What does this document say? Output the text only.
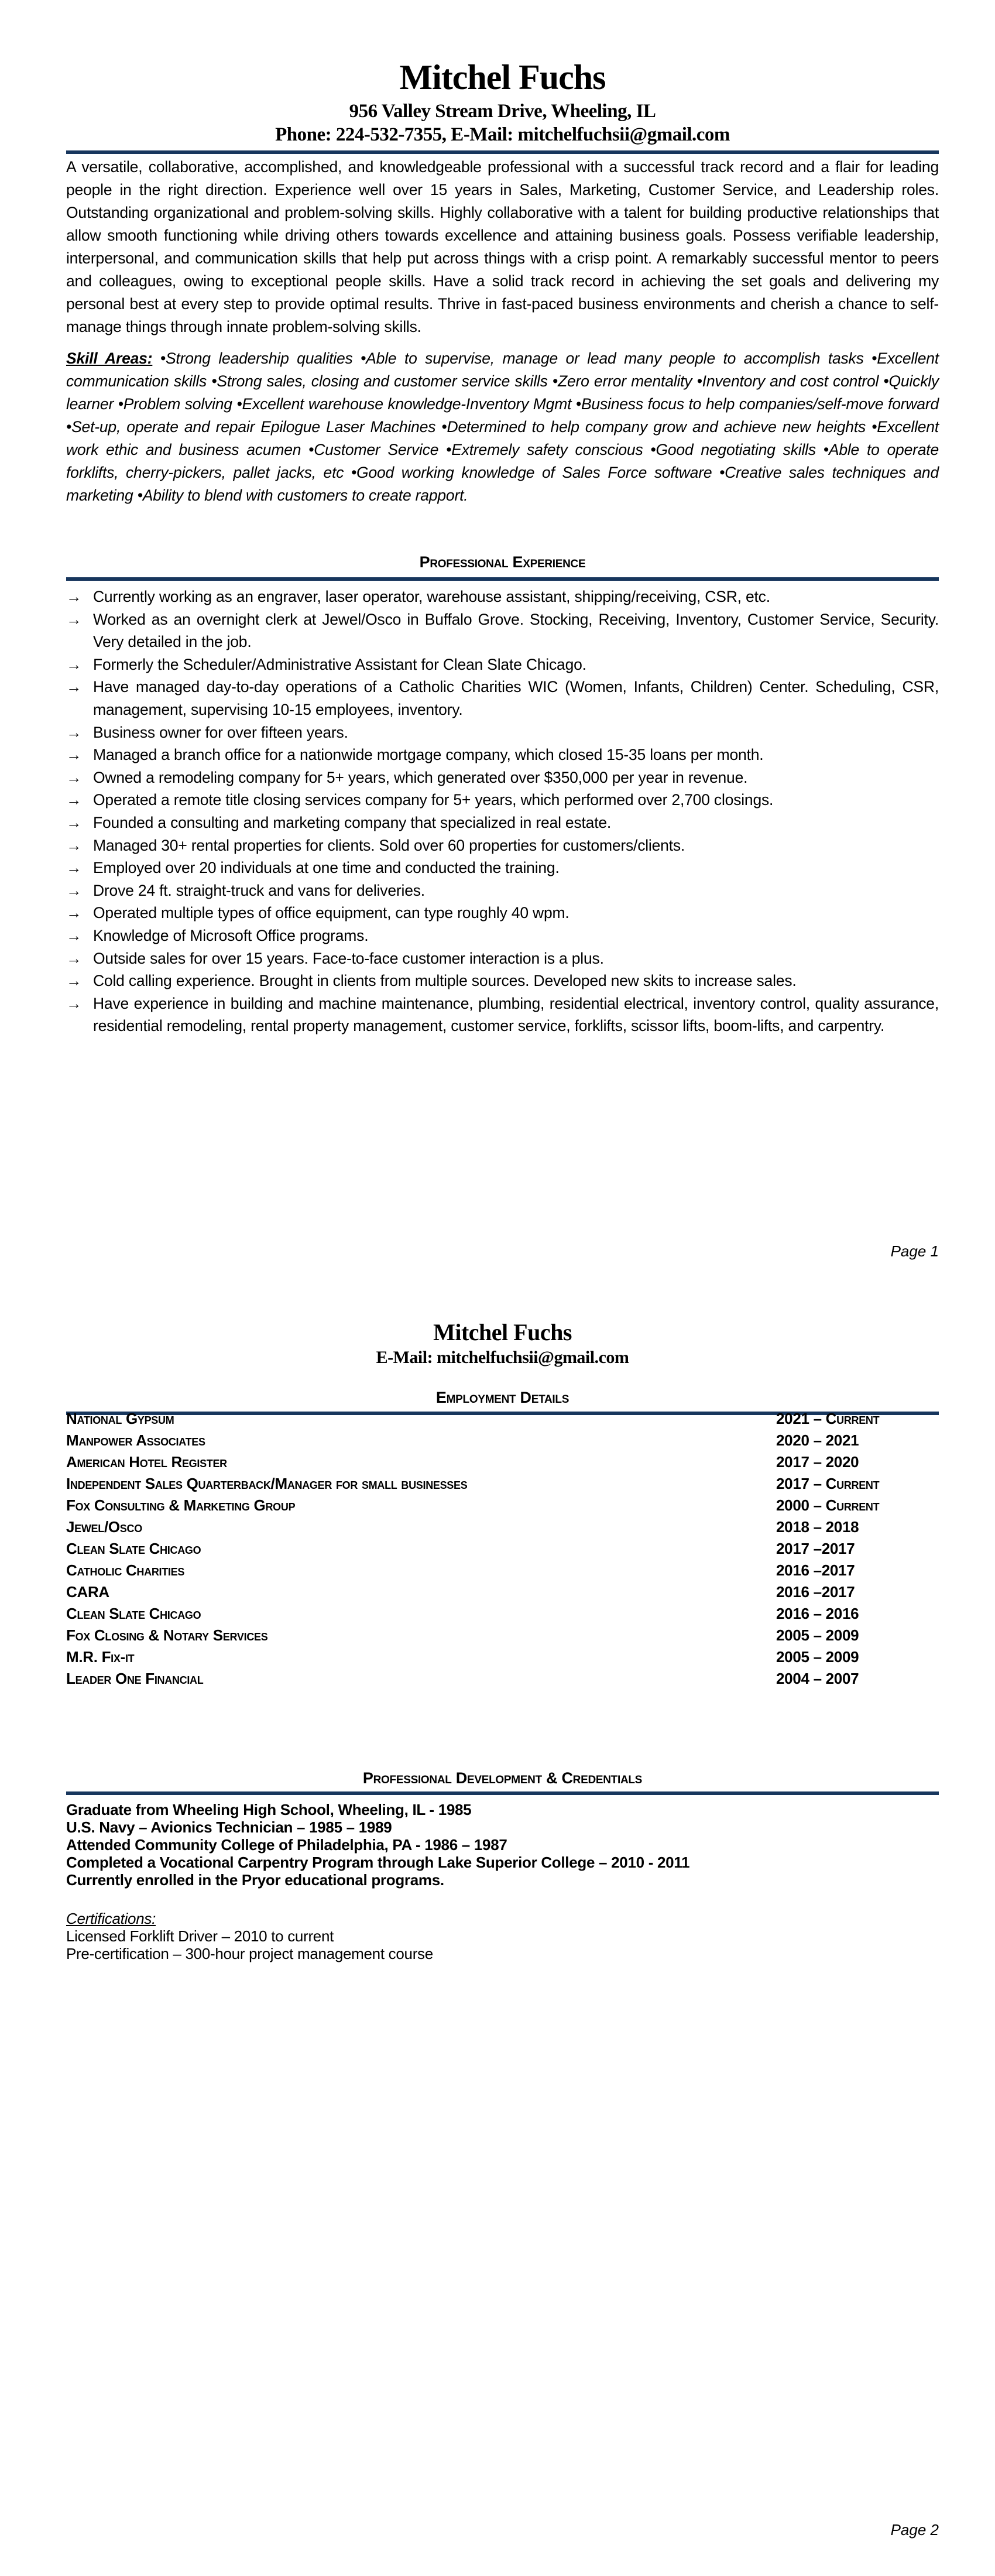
Mitchel Fuchs
956 Valley Stream Drive, Wheeling, IL
Phone: 224-532-7355, E-Mail: mitchelfuchsii@gmail.com
A versatile, collaborative, accomplished, and knowledgeable professional with a successful track record and a flair for leading people in the right direction. Experience well over 15 years in Sales, Marketing, Customer Service, and Leadership roles. Outstanding organizational and problem-solving skills. Highly collaborative with a talent for building productive relationships that allow smooth functioning while driving others towards excellence and attaining business goals. Possess verifiable leadership, interpersonal, and communication skills that help put across things with a crisp point. A remarkably successful mentor to peers and colleagues, owing to exceptional people skills. Have a solid track record in achieving the set goals and delivering my personal best at every step to provide optimal results. Thrive in fast-paced business environments and cherish a chance to self-manage things through innate problem-solving skills.
Skill Areas: •Strong leadership qualities •Able to supervise, manage or lead many people to accomplish tasks •Excellent communication skills •Strong sales, closing and customer service skills •Zero error mentality •Inventory and cost control •Quickly learner •Problem solving •Excellent warehouse knowledge-Inventory Mgmt •Business focus to help companies/self-move forward •Set-up, operate and repair Epilogue Laser Machines •Determined to help company grow and achieve new heights •Excellent work ethic and business acumen •Customer Service •Extremely safety conscious •Good negotiating skills •Able to operate forklifts, cherry-pickers, pallet jacks, etc •Good working knowledge of Sales Force software •Creative sales techniques and marketing •Ability to blend with customers to create rapport.
Professional Experience
→ Currently working as an engraver, laser operator, warehouse assistant, shipping/receiving, CSR, etc.
→ Worked as an overnight clerk at Jewel/Osco in Buffalo Grove. Stocking, Receiving, Inventory, Customer Service, Security. Very detailed in the job.
→ Formerly the Scheduler/Administrative Assistant for Clean Slate Chicago.
→ Have managed day-to-day operations of a Catholic Charities WIC (Women, Infants, Children) Center. Scheduling, CSR, management, supervising 10-15 employees, inventory.
→ Business owner for over fifteen years.
→ Managed a branch office for a nationwide mortgage company, which closed 15-35 loans per month.
→ Owned a remodeling company for 5+ years, which generated over $350,000 per year in revenue.
→ Operated a remote title closing services company for 5+ years, which performed over 2,700 closings.
→ Founded a consulting and marketing company that specialized in real estate.
→ Managed 30+ rental properties for clients. Sold over 60 properties for customers/clients.
→ Employed over 20 individuals at one time and conducted the training.
→ Drove 24 ft. straight-truck and vans for deliveries.
→ Operated multiple types of office equipment, can type roughly 40 wpm.
→ Knowledge of Microsoft Office programs.
→ Outside sales for over 15 years. Face-to-face customer interaction is a plus.
→ Cold calling experience. Brought in clients from multiple sources. Developed new skits to increase sales.
→ Have experience in building and machine maintenance, plumbing, residential electrical, inventory control, quality assurance, residential remodeling, rental property management, customer service, forklifts, scissor lifts, boom-lifts, and carpentry.
Page 1
Mitchel Fuchs
E-Mail: mitchelfuchsii@gmail.com
Employment Details
National Gypsum	2021 – Current
Manpower Associates	2020 – 2021
American Hotel Register	2017 – 2020
Independent Sales Quarterback/Manager for small businesses	2017 – Current
Fox Consulting & Marketing Group	2000 – Current
Jewel/Osco	2018 – 2018
Clean Slate Chicago	2017 –2017
Catholic Charities	2016 –2017
CARA	2016 –2017
Clean Slate Chicago	2016 – 2016
Fox Closing & Notary Services	2005 – 2009
M.R. Fix-it	2005 – 2009
Leader One Financial	2004 – 2007
Professional Development & Credentials
Graduate from Wheeling High School, Wheeling, IL - 1985
U.S. Navy – Avionics Technician – 1985 – 1989
Attended Community College of Philadelphia, PA - 1986 – 1987
Completed a Vocational Carpentry Program through Lake Superior College – 2010 - 2011
Currently enrolled in the Pryor educational programs.
Certifications:
Licensed Forklift Driver – 2010 to current
Pre-certification – 300-hour project management course
Page 2
